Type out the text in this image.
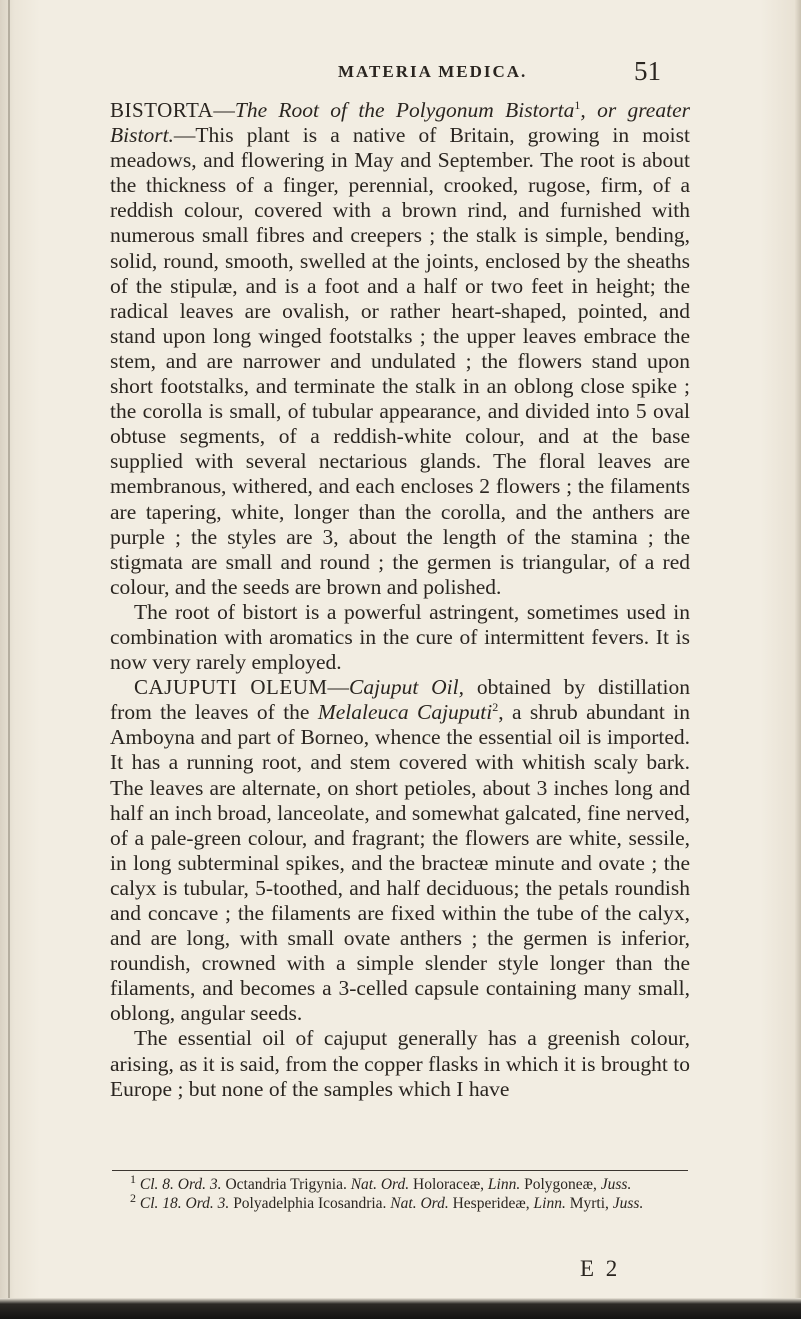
MATERIA MEDICA.	51

BISTORTA—The Root of the Polygonum Bistorta$^1$, or greater Bistort.—This plant is a native of Britain, growing in moist meadows, and flowering in May and September. The root is about the thickness of a finger, perennial, crooked, rugose, firm, of a reddish colour, covered with a brown rind, and furnished with numerous small fibres and creepers ; the stalk is simple, bending, solid, round, smooth, swelled at the joints, enclosed by the sheaths of the stipulæ, and is a foot and a half or two feet in height; the radical leaves are ovalish, or rather heart-shaped, pointed, and stand upon long winged footstalks ; the upper leaves embrace the stem, and are narrower and undulated ; the flowers stand upon short footstalks, and terminate the stalk in an oblong close spike ; the corolla is small, of tubular appearance, and divided into 5 oval obtuse segments, of a reddish-white colour, and at the base supplied with several nectarious glands. The floral leaves are membranous, withered, and each encloses 2 flowers ; the filaments are tapering, white, longer than the corolla, and the anthers are purple ; the styles are 3, about the length of the stamina ; the stigmata are small and round ; the germen is triangular, of a red colour, and the seeds are brown and polished.

The root of bistort is a powerful astringent, sometimes used in combination with aromatics in the cure of intermittent fevers. It is now very rarely employed.

CAJUPUTI OLEUM—Cajuput Oil, obtained by distillation from the leaves of the Melaleuca Cajuputi$^2$, a shrub abundant in Amboyna and part of Borneo, whence the essential oil is imported. It has a running root, and stem covered with whitish scaly bark. The leaves are alternate, on short petioles, about 3 inches long and half an inch broad, lanceolate, and somewhat galcated, fine nerved, of a pale-green colour, and fragrant; the flowers are white, sessile, in long subterminal spikes, and the bracteæ minute and ovate ; the calyx is tubular, 5-toothed, and half deciduous; the petals roundish and concave ; the filaments are fixed within the tube of the calyx, and are long, with small ovate anthers ; the germen is inferior, roundish, crowned with a simple slender style longer than the filaments, and becomes a 3-celled capsule containing many small, oblong, angular seeds.

The essential oil of cajuput generally has a greenish colour, arising, as it is said, from the copper flasks in which it is brought to Europe ; but none of the samples which I have

$^1$ Cl. 8. Ord. 3. Octandria Trigynia. Nat. Ord. Holoraceæ, Linn. Polygoneæ, Juss.

$^2$ Cl. 18. Ord. 3. Polyadelphia Icosandria. Nat. Ord. Hesperideæ, Linn. Myrti, Juss.

E 2
